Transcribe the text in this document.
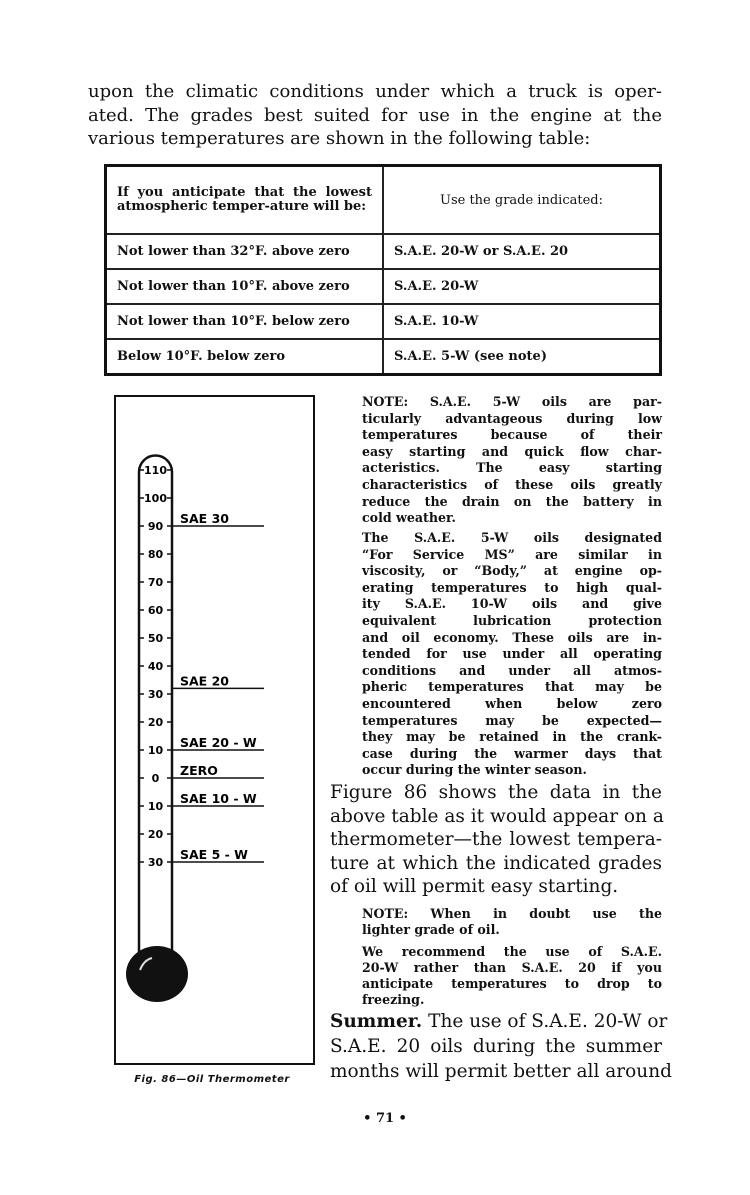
upon the climatic conditions under which a truck is oper-
ated. The grades best suited for use in the engine at the
various temperatures are shown in the following table:
If you anticipate that the lowest atmospheric temper-ature will be:	Use the grade indicated:
Not lower than 32°F. above zero	S.A.E. 20-W or S.A.E. 20
Not lower than 10°F. above zero	S.A.E. 20-W
Not lower than 10°F. below zero	S.A.E. 10-W
Below 10°F. below zero	S.A.E. 5-W (see note)
110
100
90
80
70
60
50
40
30
20
10
0
10
20
30
SAE 30
SAE 20
SAE 20 - W
ZERO
SAE 10 - W
SAE 5 - W
Fig. 86—Oil Thermometer
NOTE: S.A.E. 5-W oils are par-
ticularly advantageous during low
temperatures because of their
easy starting and quick flow char-
acteristics. The easy starting
characteristics of these oils greatly
reduce the drain on the battery in
cold weather.
The S.A.E. 5-W oils designated
“For Service MS” are similar in
viscosity, or “Body,” at engine op-
erating temperatures to high qual-
ity S.A.E. 10-W oils and give
equivalent lubrication protection
and oil economy. These oils are in-
tended for use under all operating
conditions and under all atmos-
pheric temperatures that may be
encountered when below zero
temperatures may be expected—
they may be retained in the crank-
case during the warmer days that
occur during the winter season.
Figure 86 shows the data in the
above table as it would appear on a
thermometer—the lowest tempera-
ture at which the indicated grades
of oil will permit easy starting.
NOTE: When in doubt use the
lighter grade of oil.
We recommend the use of S.A.E.
20-W rather than S.A.E. 20 if you
anticipate temperatures to drop to
freezing.
Summer. The use of S.A.E. 20-W or
S.A.E. 20 oils during the summer
months will permit better all around
• 71 •
